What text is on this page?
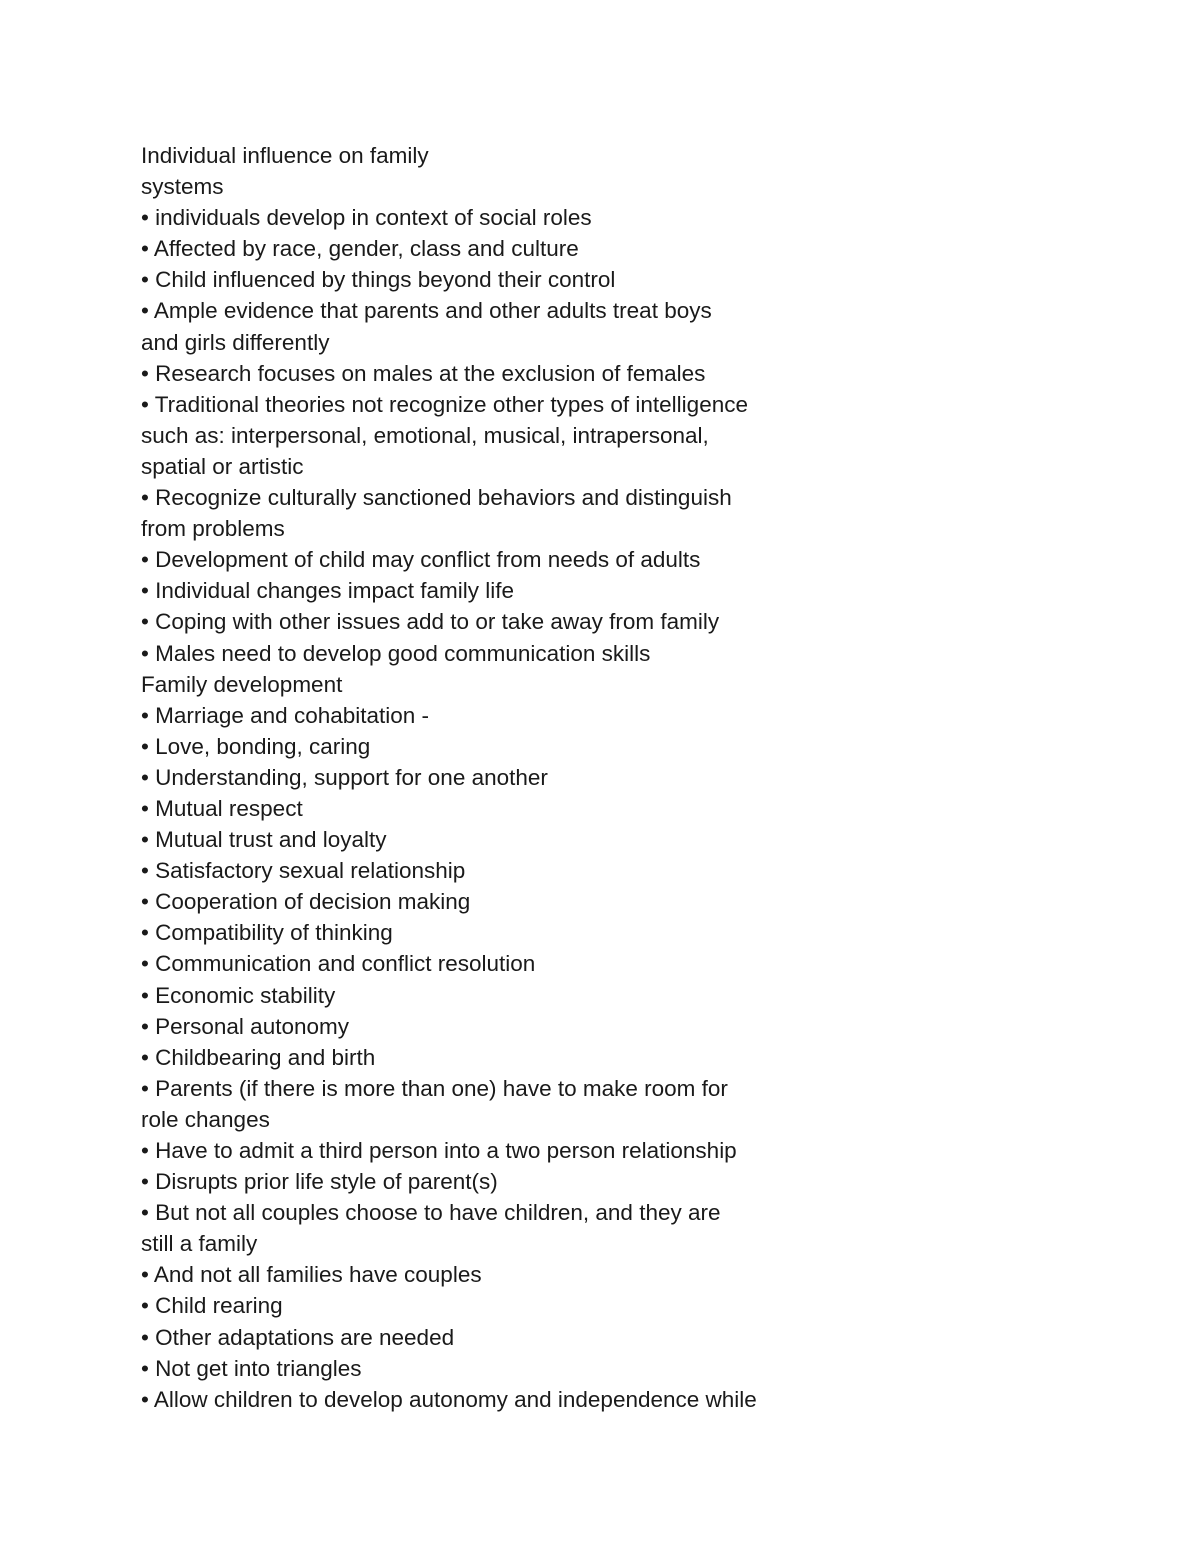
Individual influence on family
systems
• individuals develop in context of social roles
• Affected by race, gender, class and culture
• Child influenced by things beyond their control
• Ample evidence that parents and other adults treat boys
and girls differently
• Research focuses on males at the exclusion of females
• Traditional theories not recognize other types of intelligence
such as: interpersonal, emotional, musical, intrapersonal,
spatial or artistic
• Recognize culturally sanctioned behaviors and distinguish
from problems
• Development of child may conflict from needs of adults
• Individual changes impact family life
• Coping with other issues add to or take away from family
• Males need to develop good communication skills
Family development
• Marriage and cohabitation -
• Love, bonding, caring
• Understanding, support for one another
• Mutual respect
• Mutual trust and loyalty
• Satisfactory sexual relationship
• Cooperation of decision making
• Compatibility of thinking
• Communication and conflict resolution
• Economic stability
• Personal autonomy
• Childbearing and birth
• Parents (if there is more than one) have to make room for
role changes
• Have to admit a third person into a two person relationship
• Disrupts prior life style of parent(s)
• But not all couples choose to have children, and they are
still a family
• And not all families have couples
• Child rearing
• Other adaptations are needed
• Not get into triangles
• Allow children to develop autonomy and independence while
